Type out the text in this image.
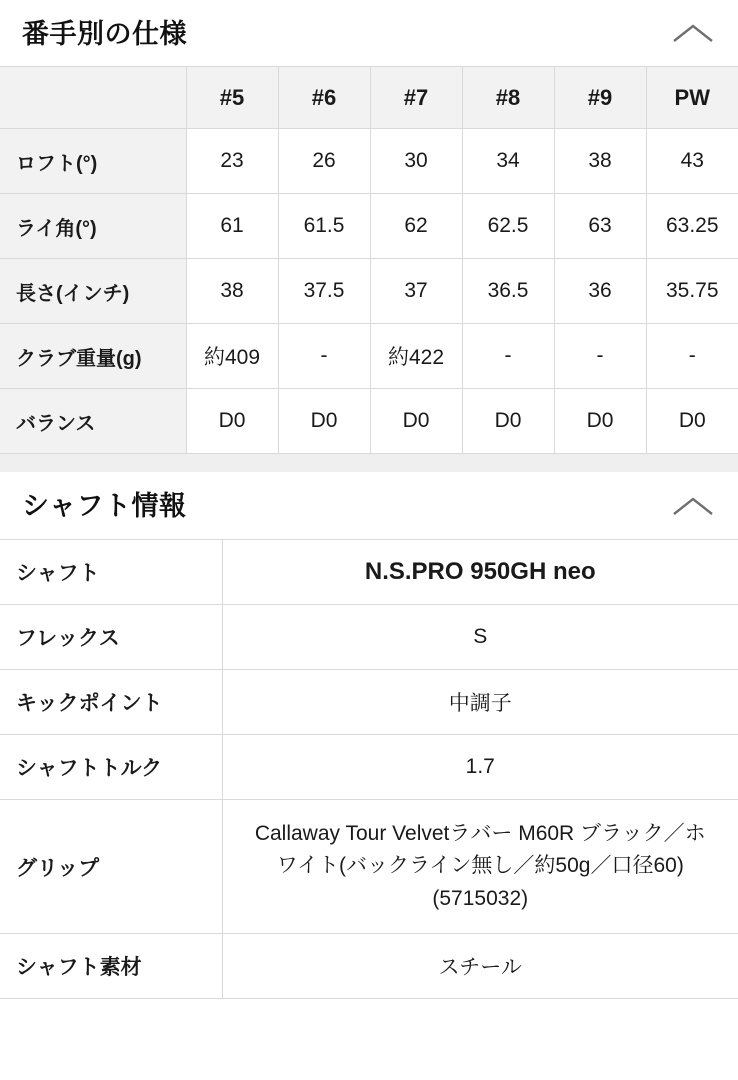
番手別の仕様
	#5	#6	#7	#8	#9	PW
ロフト(°)	23	26	30	34	38	43
ライ角(°)	61	61.5	62	62.5	63	63.25
長さ(インチ)	38	37.5	37	36.5	36	35.75
クラブ重量(g)	約409	-	約422	-	-	-
バランス	D0	D0	D0	D0	D0	D0
シャフト情報
シャフト	N.S.PRO 950GH neo
フレックス	S
キックポイント	中調子
シャフトトルク	1.7
グリップ	Callaway Tour Velvetラバー M60R ブラック／ホワイト(バックライン無し／約50g／口径60)(5715032)
シャフト素材	スチール
